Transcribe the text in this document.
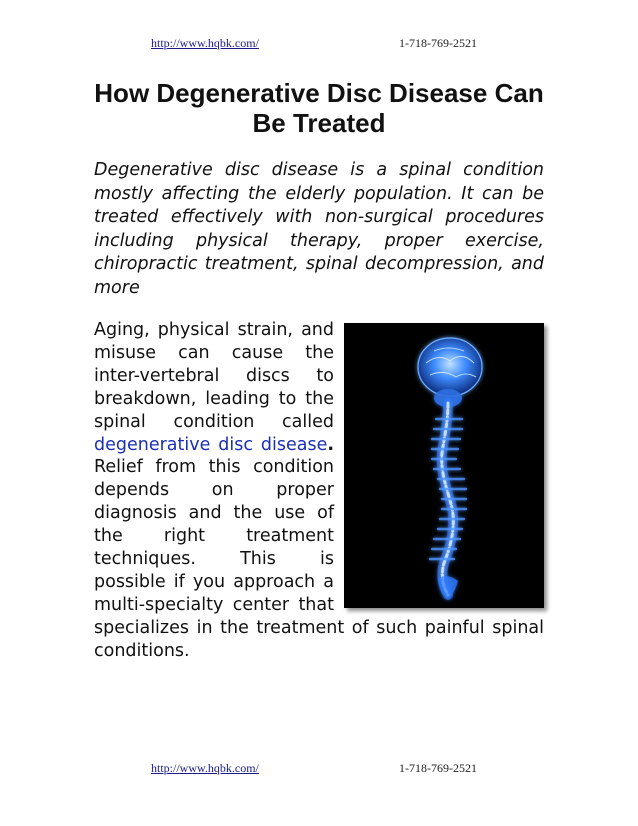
http://www.hqbk.com/	1-718-769-2521
How Degenerative Disc Disease Can Be Treated

Degenerative disc disease is a spinal condition mostly affecting the elderly population. It can be treated effectively with non-surgical procedures including physical therapy, proper exercise, chiropractic treatment, spinal decompression, and more

Aging, physical strain, and misuse can cause the inter-vertebral discs to breakdown, leading to the spinal condition called degenerative disc disease. Relief from this condition depends on proper diagnosis and the use of the right treatment techniques. This is possible if you approach a multi-specialty center that specializes in the treatment of such painful spinal conditions.

http://www.hqbk.com/	1-718-769-2521
